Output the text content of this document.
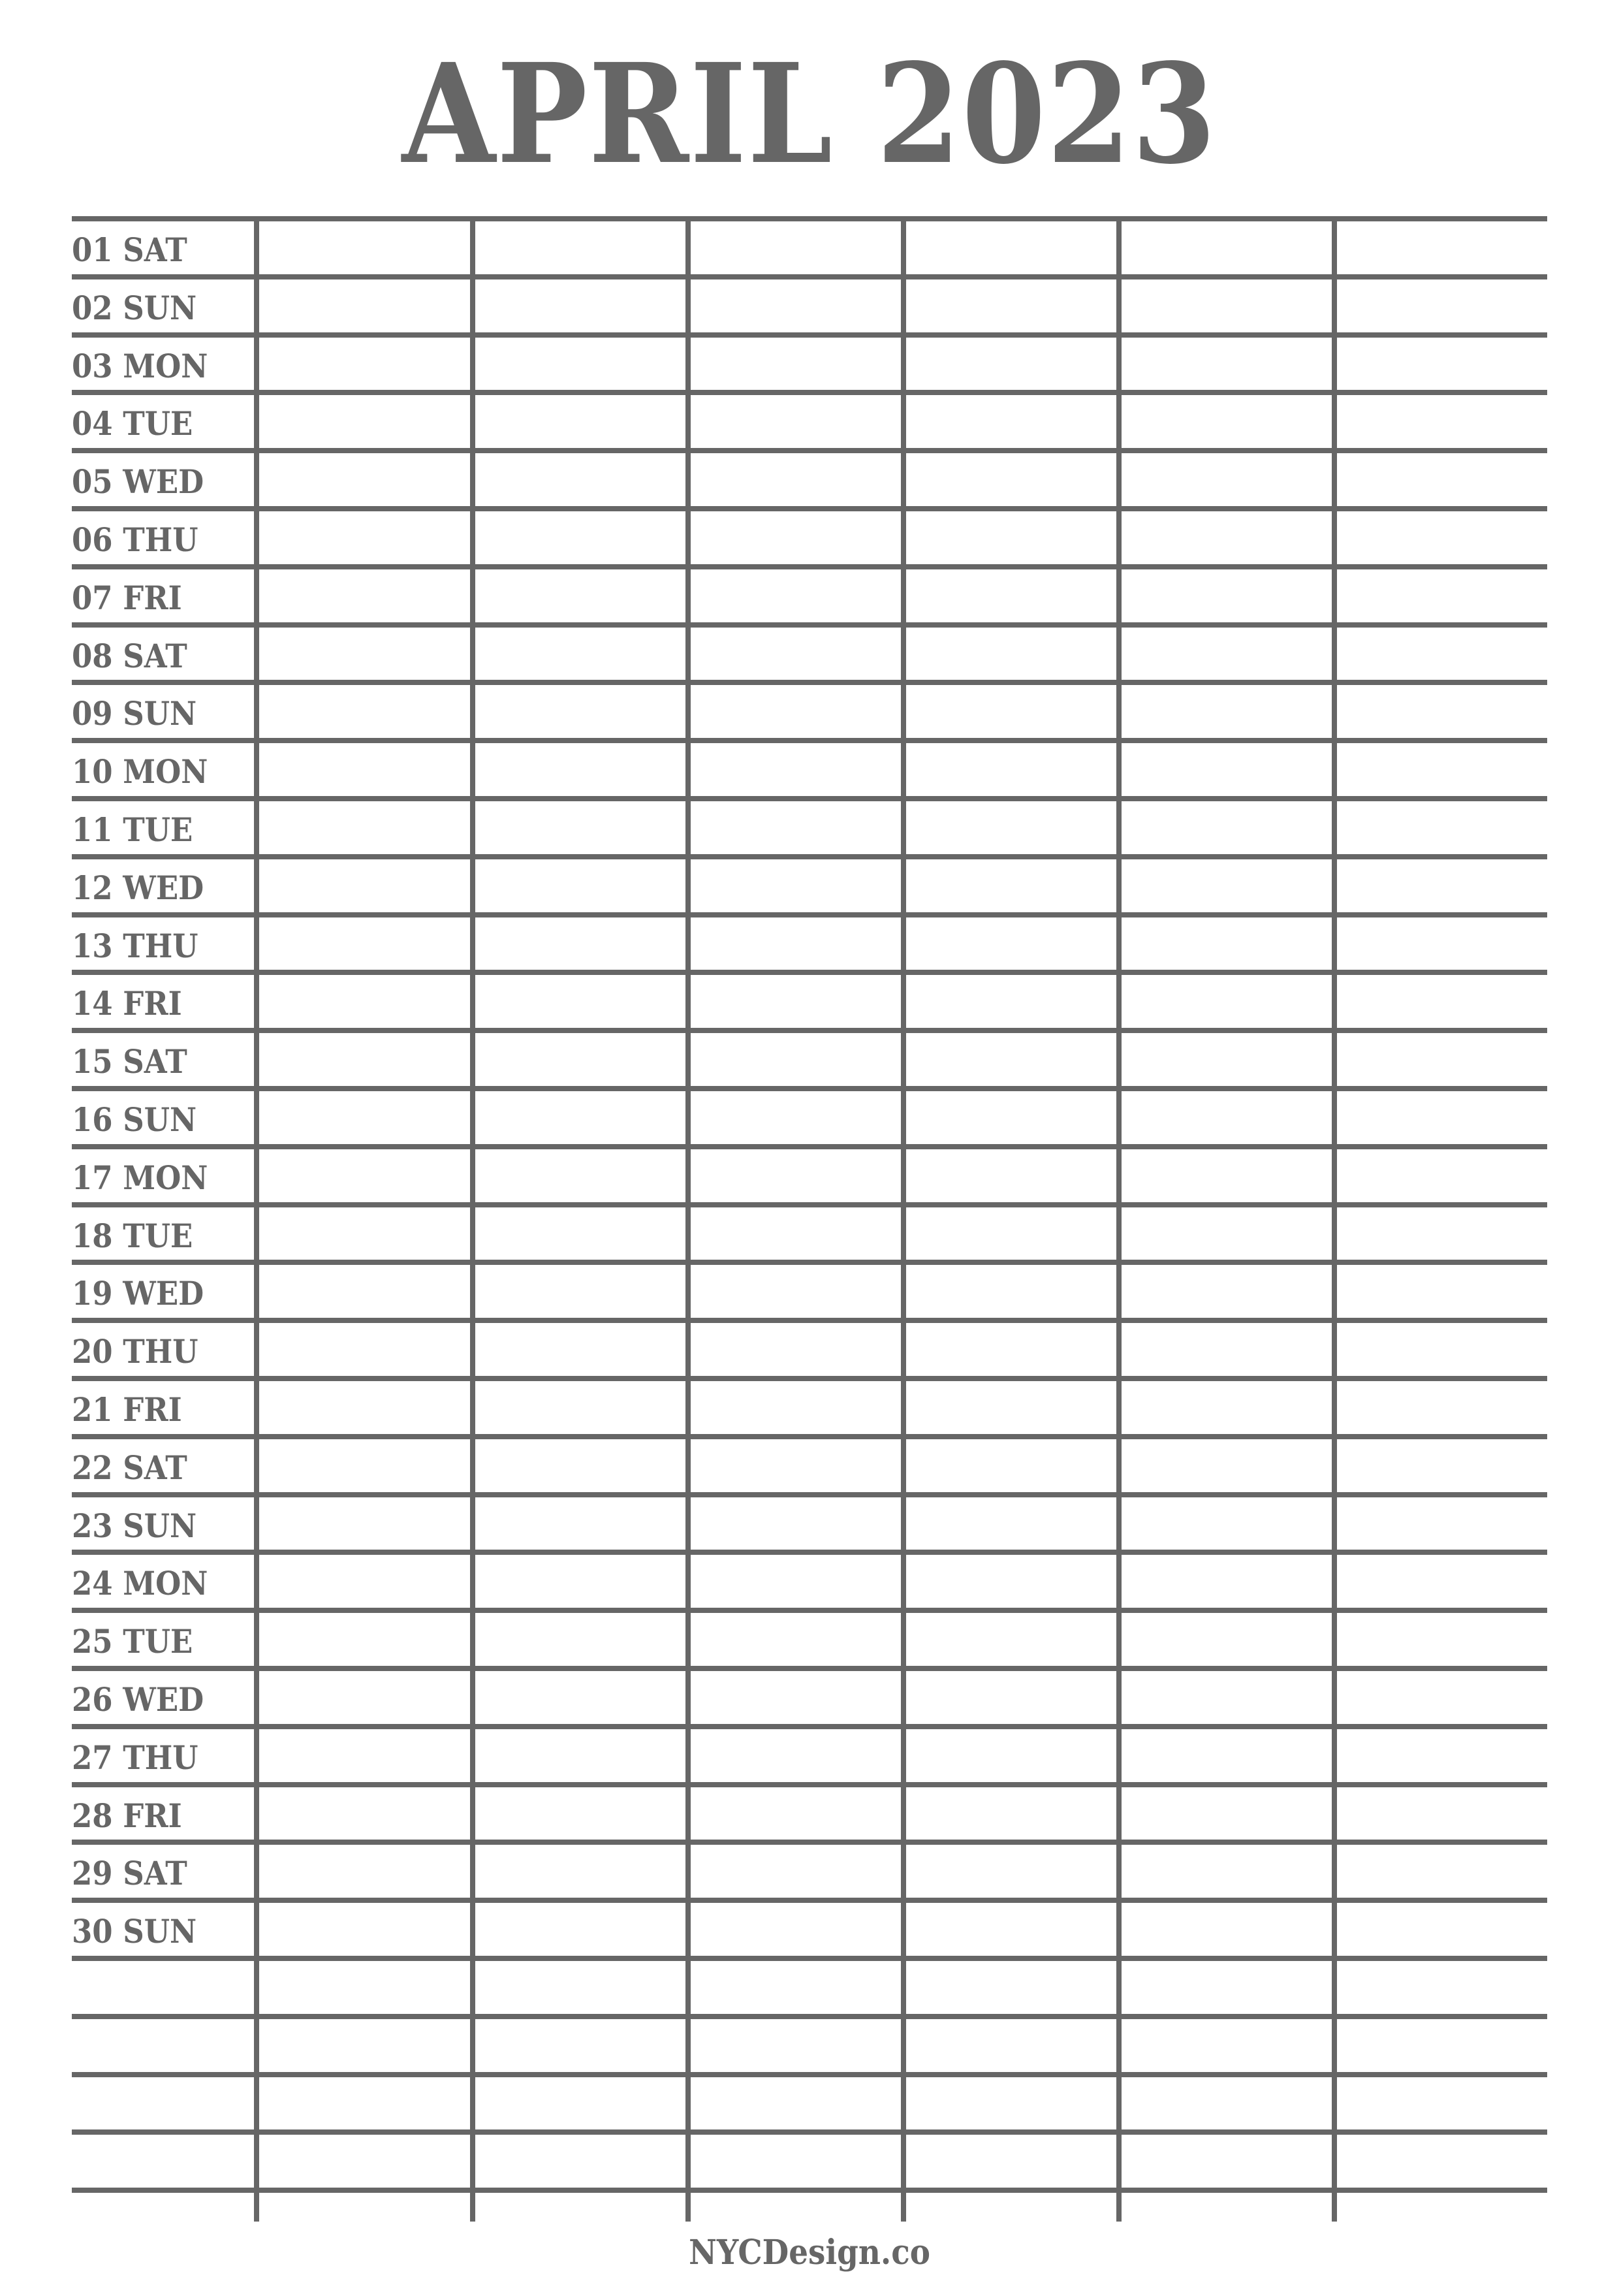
APRIL 2023
01 SAT
02 SUN
03 MON
04 TUE
05 WED
06 THU
07 FRI
08 SAT
09 SUN
10 MON
11 TUE
12 WED
13 THU
14 FRI
15 SAT
16 SUN
17 MON
18 TUE
19 WED
20 THU
21 FRI
22 SAT
23 SUN
24 MON
25 TUE
26 WED
27 THU
28 FRI
29 SAT
30 SUN
NYCDesign.co
